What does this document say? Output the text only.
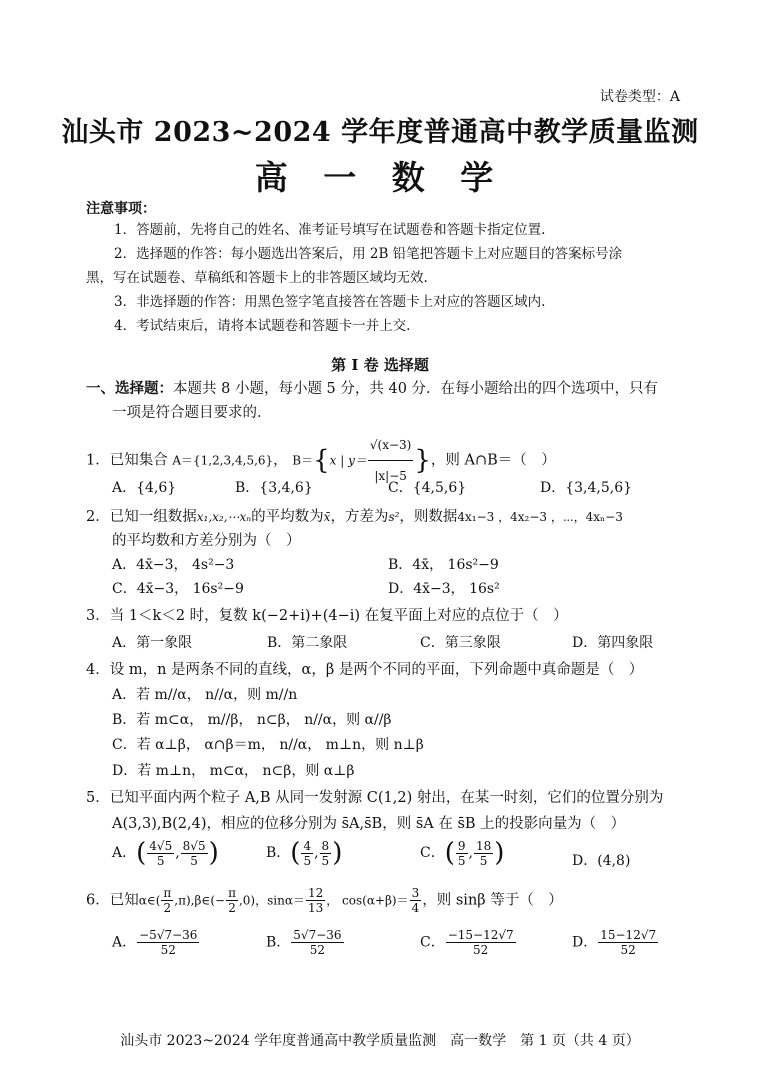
试卷类型：A
汕头市 2023~2024 学年度普通高中教学质量监测
高 一 数 学
注意事项：
1．答题前，先将自己的姓名、准考证号填写在试题卷和答题卡指定位置.
2．选择题的作答：每小题选出答案后，用 2B 铅笔把答题卡上对应题目的答案标号涂
黑，写在试题卷、草稿纸和答题卡上的非答题区域均无效.
3．非选择题的作答：用黑色签字笔直接答在答题卡上对应的答题区域内.
4．考试结束后，请将本试题卷和答题卡一并上交.
第 I 卷 选择题
一、选择题：本题共 8 小题，每小题 5 分，共 40 分．在每小题给出的四个选项中，只有
一项是符合题目要求的．
1．已知集合 A＝{1,2,3,4,5,6}， B＝{x | $y= \frac{√(x-3)}{|x|-5}$ }，则 A∩B＝（　）
A．{4,6}	B．{3,4,6}	C．{4,5,6}	D．{3,4,5,6}
2．已知一组数据x₁,x₂,⋯xₙ的平均数为x̄，方差为s²，则数据4x₁−3 ，4x₂−3 ，⋯，4xₙ−3
的平均数和方差分别为（　）
A．4x̄−3， 4s²−3	B．4x̄， 16s²−9
C．4x̄−3， 16s²−9	D．4x̄−3， 16s²
3．当 1＜k＜2 时，复数 k(−2+i)+(4−i) 在复平面上对应的点位于（　）
A．第一象限	B．第二象限	C．第三象限	D．第四象限
4．设 m，n 是两条不同的直线，α，β 是两个不同的平面，下列命题中真命题是（　）
A．若 m//α， n//α，则 m//n
B．若 m⊂α， m//β， n⊂β， n//α，则 α//β
C．若 α⊥β， α∩β＝m， n//α， m⊥n，则 n⊥β
D．若 m⊥n， m⊂α， n⊂β，则 α⊥β
5．已知平面内两个粒子 A,B 从同一发射源 C(1,2) 射出，在某一时刻，它们的位置分别为
A(3,3),B(2,4)，相应的位移分别为 s̄A,s̄B，则 s̄A 在 s̄B 上的投影向量为（　）
A．( $\frac{4√5}{5}$ , $\frac{8√5}{5}$ )	B．( $\frac{4}{5}$ , $\frac{8}{5}$ )	C．( $\frac{9}{5}$ , $\frac{18}{5}$ )	D．(4,8)
6．已知α∈( $\frac{\pi}{2}$ ,π),β∈(− $\frac{\pi}{2} ,0$)，$\sin\alpha= \frac{12}{13}$ ， $\cos(\alpha+\beta)= \frac{3}{4}$ ，则 sinβ 等于（　）
A． $\frac{-5√7-36}{52}$	B． $\frac{5√7-36}{52}$	C． $\frac{-15-12√7}{52}$	D． $\frac{15-12√7}{52}$
汕头市 2023~2024 学年度普通高中教学质量监测　高一数学　第 1 页（共 4 页）
